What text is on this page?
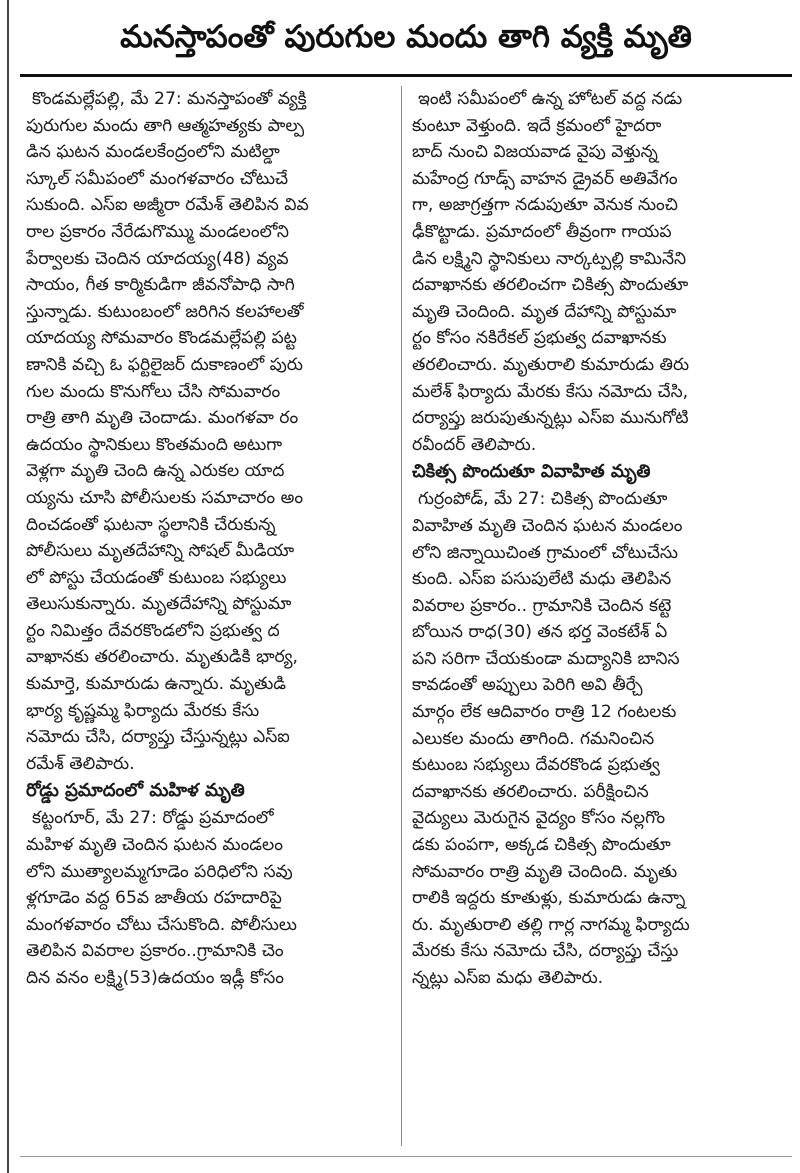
మనస్తాపంతో పురుగుల మందు తాగి వ్యక్తి మృతి
కొండమల్లేపల్లి, మే 27: మనస్తాపంతో వ్యక్తి
పురుగుల మందు తాగి ఆత్మహత్యకు పాల్ప
డిన ఘటన మండలకేంద్రంలోని మటిల్డా
స్కూల్ సమీపంలో మంగళవారం చోటుచే
సుకుంది. ఎస్ఐ అజ్మీరా రమేశ్ తెలిపిన వివ
రాల ప్రకారం నేరేడుగొమ్ము మండలంలోని
పేర్వాలకు చెందిన యాదయ్య(48) వ్యవ
సాయం, గీత కార్మికుడిగా జీవనోపాధి సాగి
స్తున్నాడు. కుటుంబంలో జరిగిన కలహాలతో
యాదయ్య సోమవారం కొండమల్లేపల్లి పట్ట
ణానికి వచ్చి ఓ ఫర్టిలైజర్ దుకాణంలో పురు
గుల మందు కొనుగోలు చేసి సోమవారం
రాత్రి తాగి మృతి చెందాడు. మంగళవా రం
ఉదయం స్థానికులు కొంతమంది అటుగా
వెళ్లగా మృతి చెంది ఉన్న ఎరుకల యాద
య్యను చూసి పోలీసులకు సమాచారం అం
దించడంతో ఘటనా స్థలానికి చేరుకున్న
పోలీసులు మృతదేహాన్ని సోషల్ మీడియా
లో పోస్టు చేయడంతో కుటుంబ సభ్యులు
తెలుసుకున్నారు. మృతదేహాన్ని పోస్టుమా
ర్టం నిమిత్తం దేవరకొండలోని ప్రభుత్వ ద
వాఖానకు తరలించారు. మృతుడికి భార్య,
కుమార్తె, కుమారుడు ఉన్నారు. మృతుడి
భార్య కృష్ణమ్మ ఫిర్యాదు మేరకు కేసు
నమోదు చేసి, దర్యాప్తు చేస్తున్నట్లు ఎస్ఐ
రమేశ్ తెలిపారు.
రోడ్డు ప్రమాదంలో మహిళ మృతి
కట్టంగూర్, మే 27: రోడ్డు ప్రమాదంలో
మహిళ మృతి చెందిన ఘటన మండలం
లోని ముత్యాలమ్మగూడెం పరిధిలోని సవు
ళ్లగూడెం వద్ద 65వ జాతీయ రహదారిపై
మంగళవారం చోటు చేసుకొంది. పోలీసులు
తెలిపిన వివరాల ప్రకారం..గ్రామానికి చెం
దిన వనం లక్ష్మి(53)ఉదయం ఇడ్లీ కోసం
ఇంటి సమీపంలో ఉన్న హోటల్ వద్ద నడు
కుంటూ వెళ్తుంది. ఇదే క్రమంలో హైదరా
బాద్ నుంచి విజయవాడ వైపు వెళ్తున్న
మహేంద్ర గూడ్స్ వాహన డ్రైవర్ అతివేగం
గా, అజాగ్రత్తగా నడుపుతూ వెనుక నుంచి
ఢీకొట్టాడు. ప్రమాదంలో తీవ్రంగా గాయప
డిన లక్ష్మిని స్థానికులు నార్కట్పల్లి కామినేని
దవాఖానకు తరలించగా చికిత్స పొందుతూ
మృతి చెందింది. మృత దేహాన్ని పోస్టుమా
ర్టం కోసం నకిరేకల్ ప్రభుత్వ దవాఖానకు
తరలించారు. మృతురాలి కుమారుడు తిరు
మలేశ్ ఫిర్యాదు మేరకు కేసు నమోదు చేసి,
దర్యాప్తు జరుపుతున్నట్లు ఎస్ఐ మునుగోటి
రవీందర్ తెలిపారు.
చికిత్స పొందుతూ వివాహిత మృతి
గుర్రంపోడ్, మే 27: చికిత్స పొందుతూ
వివాహిత మృతి చెందిన ఘటన మండలం
లోని జిన్నాయిచింత గ్రామంలో చోటుచేసు
కుంది. ఎస్ఐ పసుపులేటి మధు తెలిపిన
వివరాల ప్రకారం.. గ్రామానికి చెందిన కట్టె
బోయిన రాధ(30) తన భర్త వెంకటేశ్ ఏ
పని సరిగా చేయకుండా మద్యానికి బానిస
కావడంతో అప్పులు పెరిగి అవి తీర్చే
మార్గం లేక ఆదివారం రాత్రి 12 గంటలకు
ఎలుకల మందు తాగింది. గమనించిన
కుటుంబ సభ్యులు దేవరకొండ ప్రభుత్వ
దవాఖానకు తరలించారు. పరీక్షించిన
వైద్యులు మెరుగైన వైద్యం కోసం నల్లగొం
డకు పంపగా, అక్కడ చికిత్స పొందుతూ
సోమవారం రాత్రి మృతి చెందింది. మృతు
రాలికి ఇద్దరు కూతుళ్లు, కుమారుడు ఉన్నా
రు. మృతురాలి తల్లి గార్ల నాగమ్మ ఫిర్యాదు
మేరకు కేసు నమోదు చేసి, దర్యాప్తు చేస్తు
న్నట్లు ఎస్ఐ మధు తెలిపారు.
